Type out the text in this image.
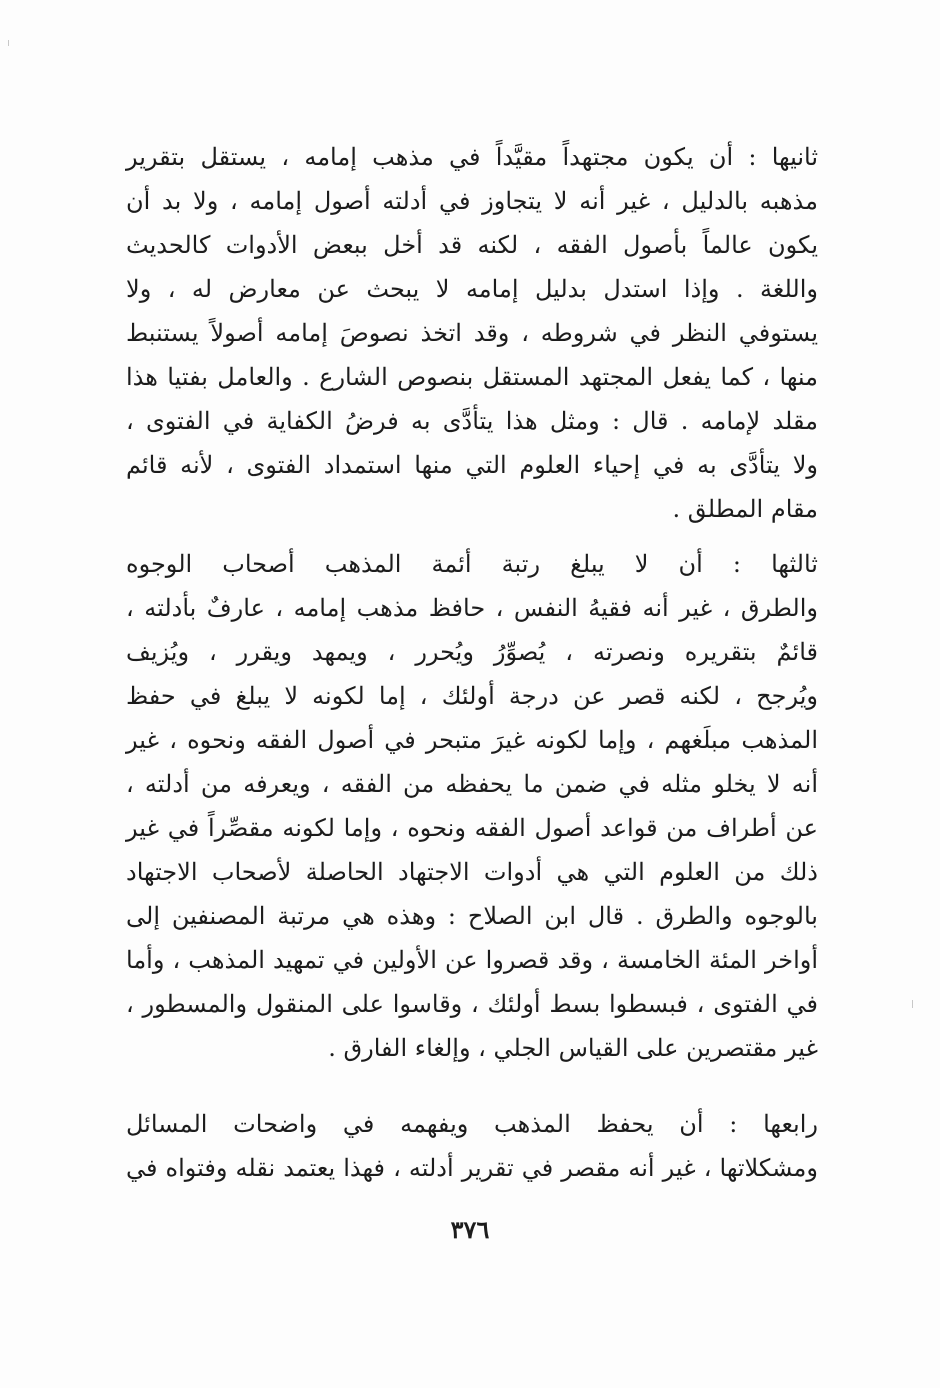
ثانيها : أن يكون مجتهداً مقيَّداً في مذهب إمامه ، يستقل بتقرير
مذهبه بالدليل ، غير أنه لا يتجاوز في أدلته أصول إمامه ، ولا بد أن
يكون عالماً بأصول الفقه ، لكنه قد أخل ببعض الأدوات كالحديث
واللغة . وإذا استدل بدليل إمامه لا يبحث عن معارض له ، ولا
يستوفي النظر في شروطه ، وقد اتخذ نصوصَ إمامه أصولاً يستنبط
منها ، كما يفعل المجتهد المستقل بنصوص الشارع . والعامل بفتيا هذا
مقلد لإمامه . قال : ومثل هذا يتأدَّى به فرضُ الكفاية في الفتوى ،
ولا يتأدَّى به في إحياء العلوم التي منها استمداد الفتوى ، لأنه قائم
مقام المطلق .
ثالثها : أن لا يبلغ رتبة أئمة المذهب أصحاب الوجوه
والطرق ، غير أنه فقيهُ النفس ، حافظ مذهب إمامه ، عارفٌ بأدلته ،
قائمٌ بتقريره ونصرته ، يُصوِّرُ ويُحرر ، ويمهد ويقرر ، ويُزيف
ويُرجح ، لكنه قصر عن درجة أولئك ، إما لكونه لا يبلغ في حفظ
المذهب مبلَغهم ، وإما لكونه غيرَ متبحر في أصول الفقه ونحوه ، غير
أنه لا يخلو مثله في ضمن ما يحفظه من الفقه ، ويعرفه من أدلته ،
عن أطراف من قواعد أصول الفقه ونحوه ، وإما لكونه مقصِّراً في غير
ذلك من العلوم التي هي أدوات الاجتهاد الحاصلة لأصحاب الاجتهاد
بالوجوه والطرق . قال ابن الصلاح : وهذه هي مرتبة المصنفين إلى
أواخر المئة الخامسة ، وقد قصروا عن الأولين في تمهيد المذهب ، وأما
في الفتوى ، فبسطوا بسط أولئك ، وقاسوا على المنقول والمسطور ،
غير مقتصرين على القياس الجلي ، وإلغاء الفارق .
رابعها : أن يحفظ المذهب ويفهمه في واضحات المسائل
ومشكلاتها ، غير أنه مقصر في تقرير أدلته ، فهذا يعتمد نقله وفتواه في
٣٧٦
